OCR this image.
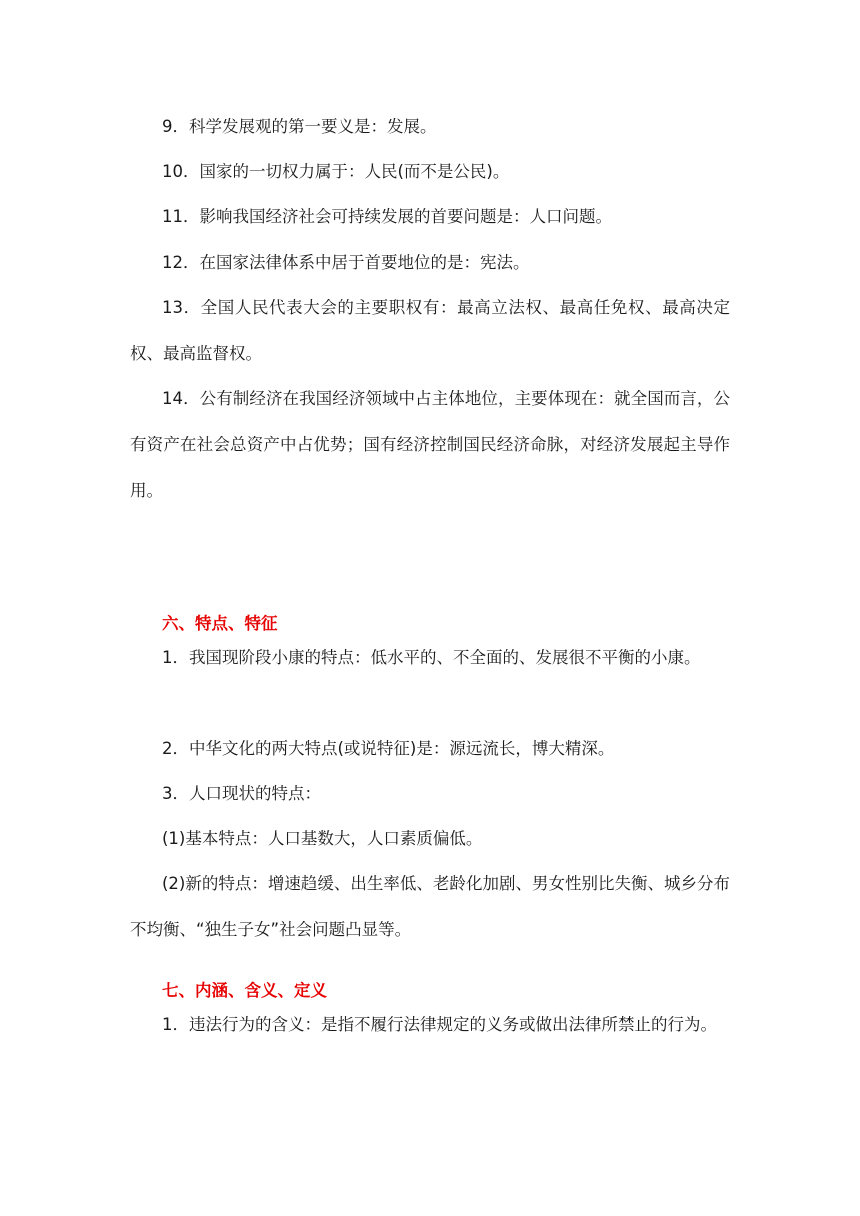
9．科学发展观的第一要义是：发展。

10．国家的一切权力属于：人民(而不是公民)。

11．影响我国经济社会可持续发展的首要问题是：人口问题。

12．在国家法律体系中居于首要地位的是：宪法。

13．全国人民代表大会的主要职权有：最高立法权、最高任免权、最高决定权、最高监督权。

14．公有制经济在我国经济领域中占主体地位，主要体现在：就全国而言，公有资产在社会总资产中占优势；国有经济控制国民经济命脉，对经济发展起主导作用。

六、特点、特征

1．我国现阶段小康的特点：低水平的、不全面的、发展很不平衡的小康。

2．中华文化的两大特点(或说特征)是：源远流长，博大精深。

3．人口现状的特点：

(1)基本特点：人口基数大，人口素质偏低。

(2)新的特点：增速趋缓、出生率低、老龄化加剧、男女性别比失衡、城乡分布不均衡、“独生子女”社会问题凸显等。

七、内涵、含义、定义

1．违法行为的含义：是指不履行法律规定的义务或做出法律所禁止的行为。
